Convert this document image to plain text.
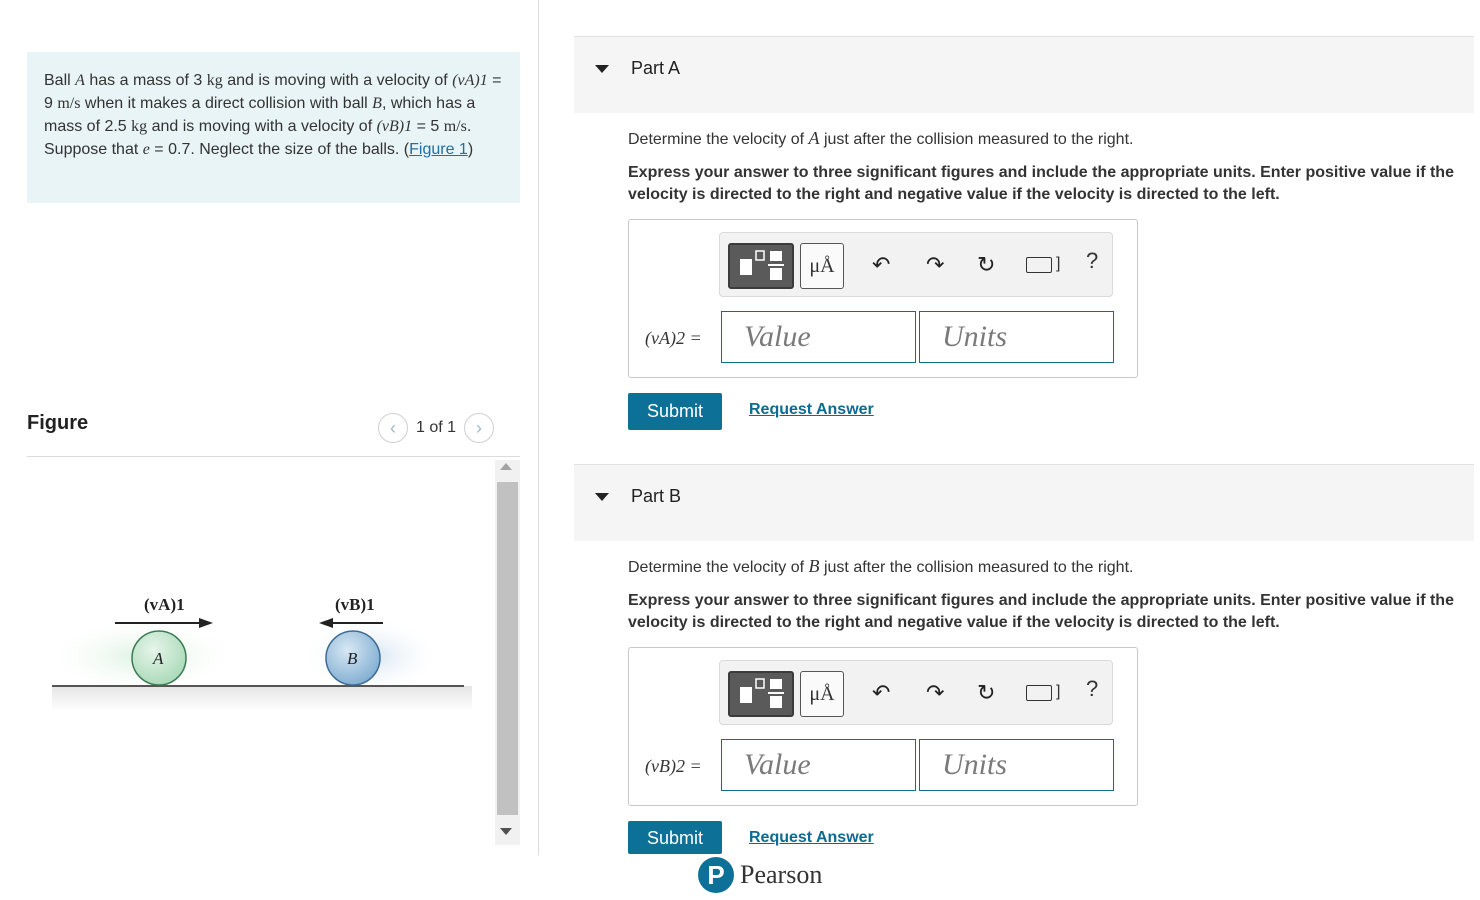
Ball A has a mass of 3 kg and is moving with a velocity of (vA)1 = 9 m/s when it makes a direct collision with ball B, which has a mass of 2.5 kg and is moving with a velocity of (vB)1 = 5 m/s. Suppose that e = 0.7. Neglect the size of the balls. (Figure 1)
Figure	‹ 1 of 1 ›
(vA)1	(vB)1
A	B
Part A
Determine the velocity of A just after the collision measured to the right.
Express your answer to three significant figures and include the appropriate units. Enter positive value if the velocity is directed to the right and negative value if the velocity is directed to the left.
μÅ ↶ ↷ ↻	] ?
(vA)2 =
Value
Units
Submit	Request Answer
Part B
Determine the velocity of B just after the collision measured to the right.
Express your answer to three significant figures and include the appropriate units. Enter positive value if the velocity is directed to the right and negative value if the velocity is directed to the left.
μÅ ↶ ↷ ↻	] ?
(vB)2 =
Value
Units
Submit	Request Answer
P Pearson
